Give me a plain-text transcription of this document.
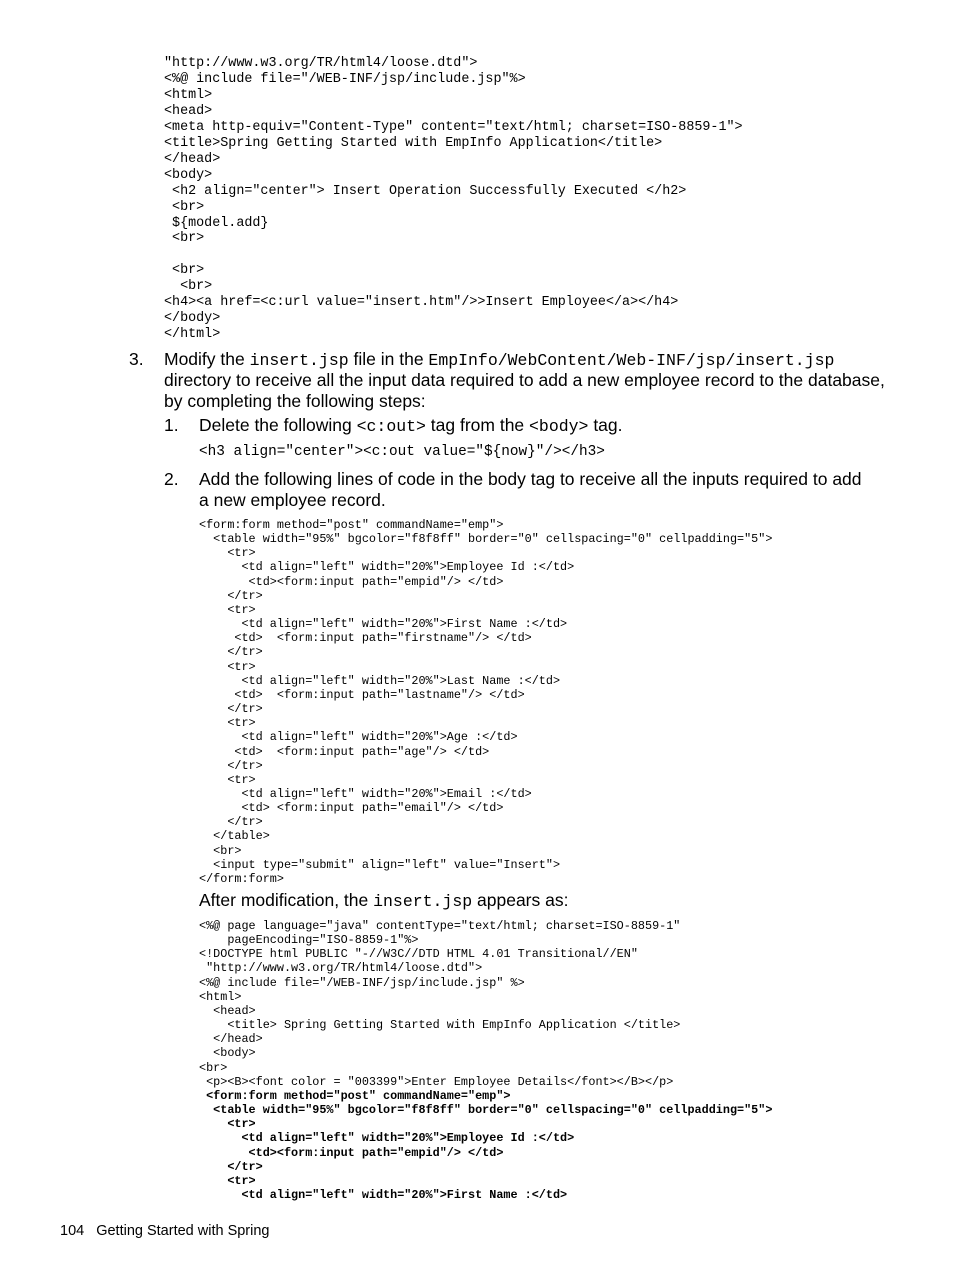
"http://www.w3.org/TR/html4/loose.dtd">
<%@ include file="/WEB-INF/jsp/include.jsp"%>
<html>
<head>
<meta http-equiv="Content-Type" content="text/html; charset=ISO-8859-1">
<title>Spring Getting Started with EmpInfo Application</title>
</head>
<body>
<h2 align="center"> Insert Operation Successfully Executed </h2>
<br>
${model.add}
<br>

<br>
<br>
<h4><a href=<c:url value="insert.htm"/>>Insert Employee</a></h4>
</body>
</html>
3. Modify the insert.jsp file in the EmpInfo/WebContent/Web-INF/jsp/insert.jsp
directory to receive all the input data required to add a new employee record to the database,
by completing the following steps:
1. Delete the following <c:out> tag from the <body> tag.
<h3 align="center"><c:out value="${now}"/></h3>
2. Add the following lines of code in the body tag to receive all the inputs required to add
a new employee record.
<form:form method="post" commandName="emp">
<table width="95%" bgcolor="f8f8ff" border="0" cellspacing="0" cellpadding="5">
<tr>
<td align="left" width="20%">Employee Id :</td>
<td><form:input path="empid"/> </td>
</tr>
<tr>
<td align="left" width="20%">First Name :</td>
<td>  <form:input path="firstname"/> </td>
</tr>
<tr>
<td align="left" width="20%">Last Name :</td>
<td>  <form:input path="lastname"/> </td>
</tr>
<tr>
<td align="left" width="20%">Age :</td>
<td>  <form:input path="age"/> </td>
</tr>
<tr>
<td align="left" width="20%">Email :</td>
<td> <form:input path="email"/> </td>
</tr>
</table>
<br>
<input type="submit" align="left" value="Insert">
</form:form>
After modification, the insert.jsp appears as:
<%@ page language="java" contentType="text/html; charset=ISO-8859-1"
pageEncoding="ISO-8859-1"%>
<!DOCTYPE html PUBLIC "-//W3C//DTD HTML 4.01 Transitional//EN"
"http://www.w3.org/TR/html4/loose.dtd">
<%@ include file="/WEB-INF/jsp/include.jsp" %>
<html>
<head>
<title> Spring Getting Started with EmpInfo Application </title>
</head>
<body>
<br>
<p><B><font color = "003399">Enter Employee Details</font></B></p>
<form:form method="post" commandName="emp">
<table width="95%" bgcolor="f8f8ff" border="0" cellspacing="0" cellpadding="5">
<tr>
<td align="left" width="20%">Employee Id :</td>
<td><form:input path="empid"/> </td>
</tr>
<tr>
<td align="left" width="20%">First Name :</td>
104 Getting Started with Spring
